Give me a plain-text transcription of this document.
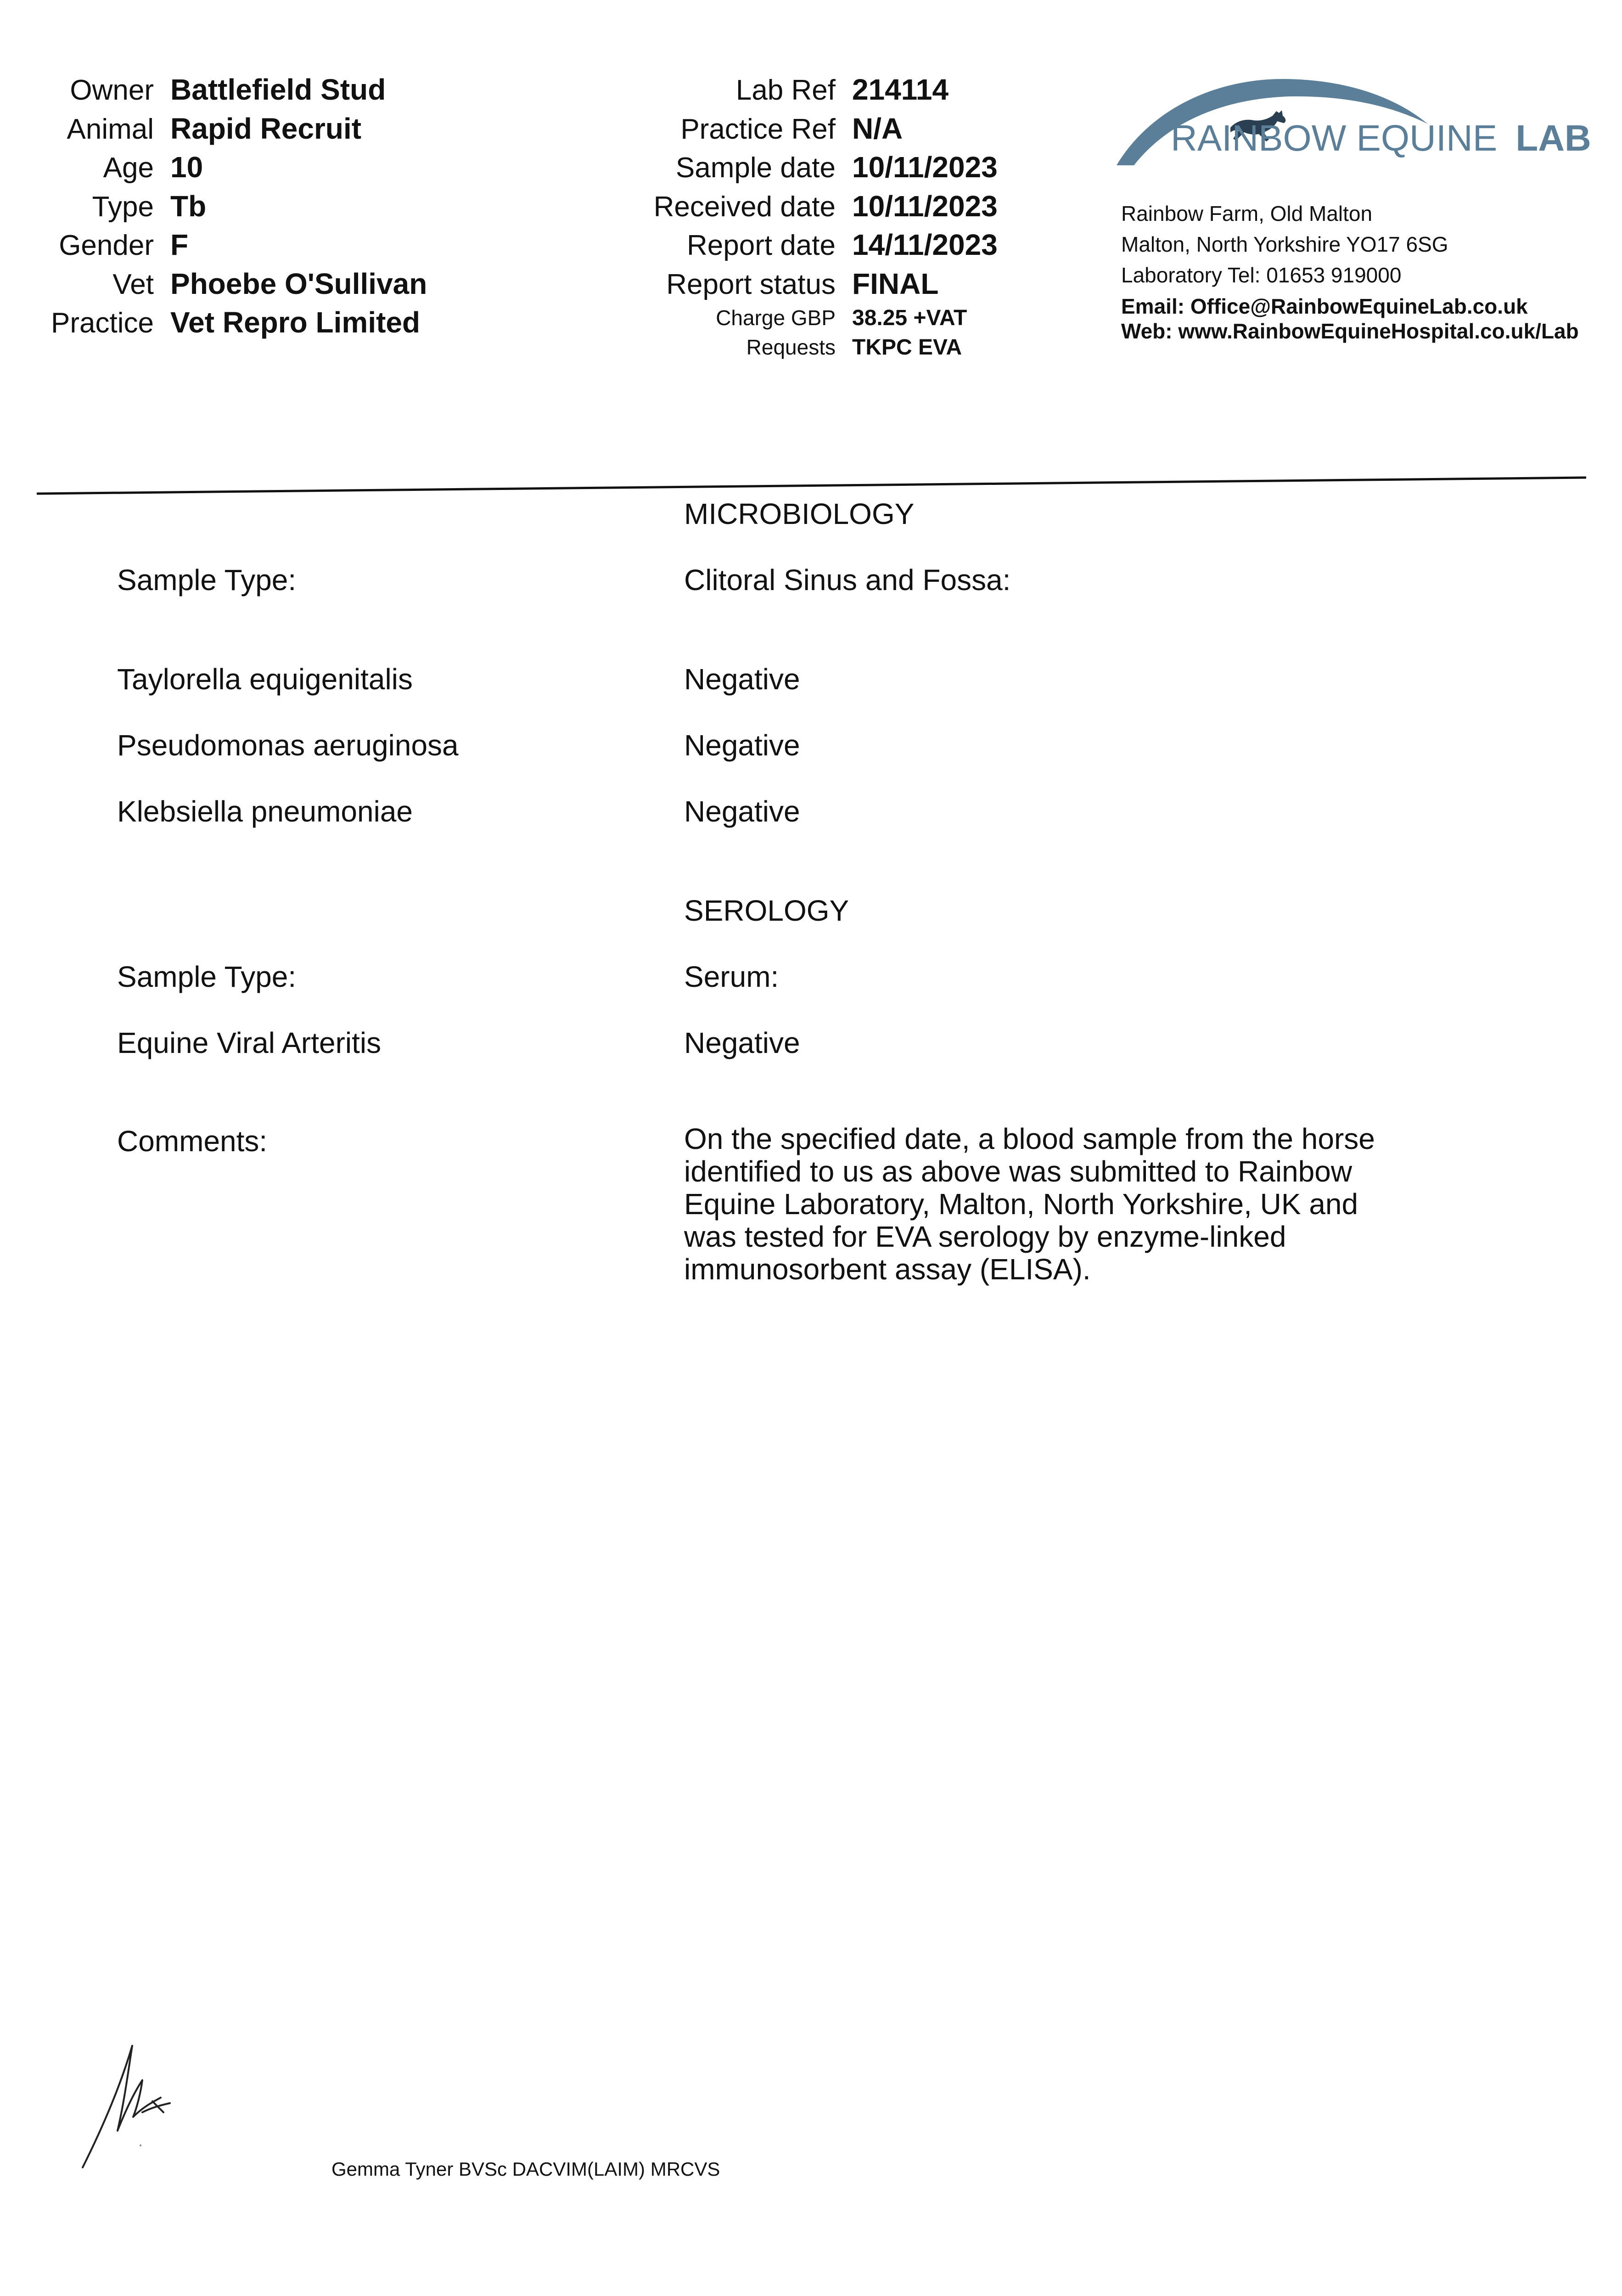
Owner Battlefield Stud
Animal Rapid Recruit
Age 10
Type Tb
Gender F
Vet Phoebe O'Sullivan
Practice Vet Repro Limited
Lab Ref 214114
Practice Ref N/A
Sample date 10/11/2023
Received date 10/11/2023
Report date 14/11/2023
Report status FINAL
Charge GBP 38.25 +VAT
Requests TKPC EVA
RAINBOW EQUINE LAB
Rainbow Farm, Old Malton
Malton, North Yorkshire YO17 6SG
Laboratory Tel: 01653 919000
Email: Office@RainbowEquineLab.co.uk
Web: www.RainbowEquineHospital.co.uk/Lab
MICROBIOLOGY
Sample Type:	Clitoral Sinus and Fossa:
Taylorella equigenitalis	Negative
Pseudomonas aeruginosa	Negative
Klebsiella pneumoniae	Negative
SEROLOGY
Sample Type:	Serum:
Equine Viral Arteritis	Negative
Comments:	On the specified date, a blood sample from the horse
identified to us as above was submitted to Rainbow
Equine Laboratory, Malton, North Yorkshire, UK and
was tested for EVA serology by enzyme-linked
immunosorbent assay (ELISA).
Gemma Tyner BVSc DACVIM(LAIM) MRCVS
